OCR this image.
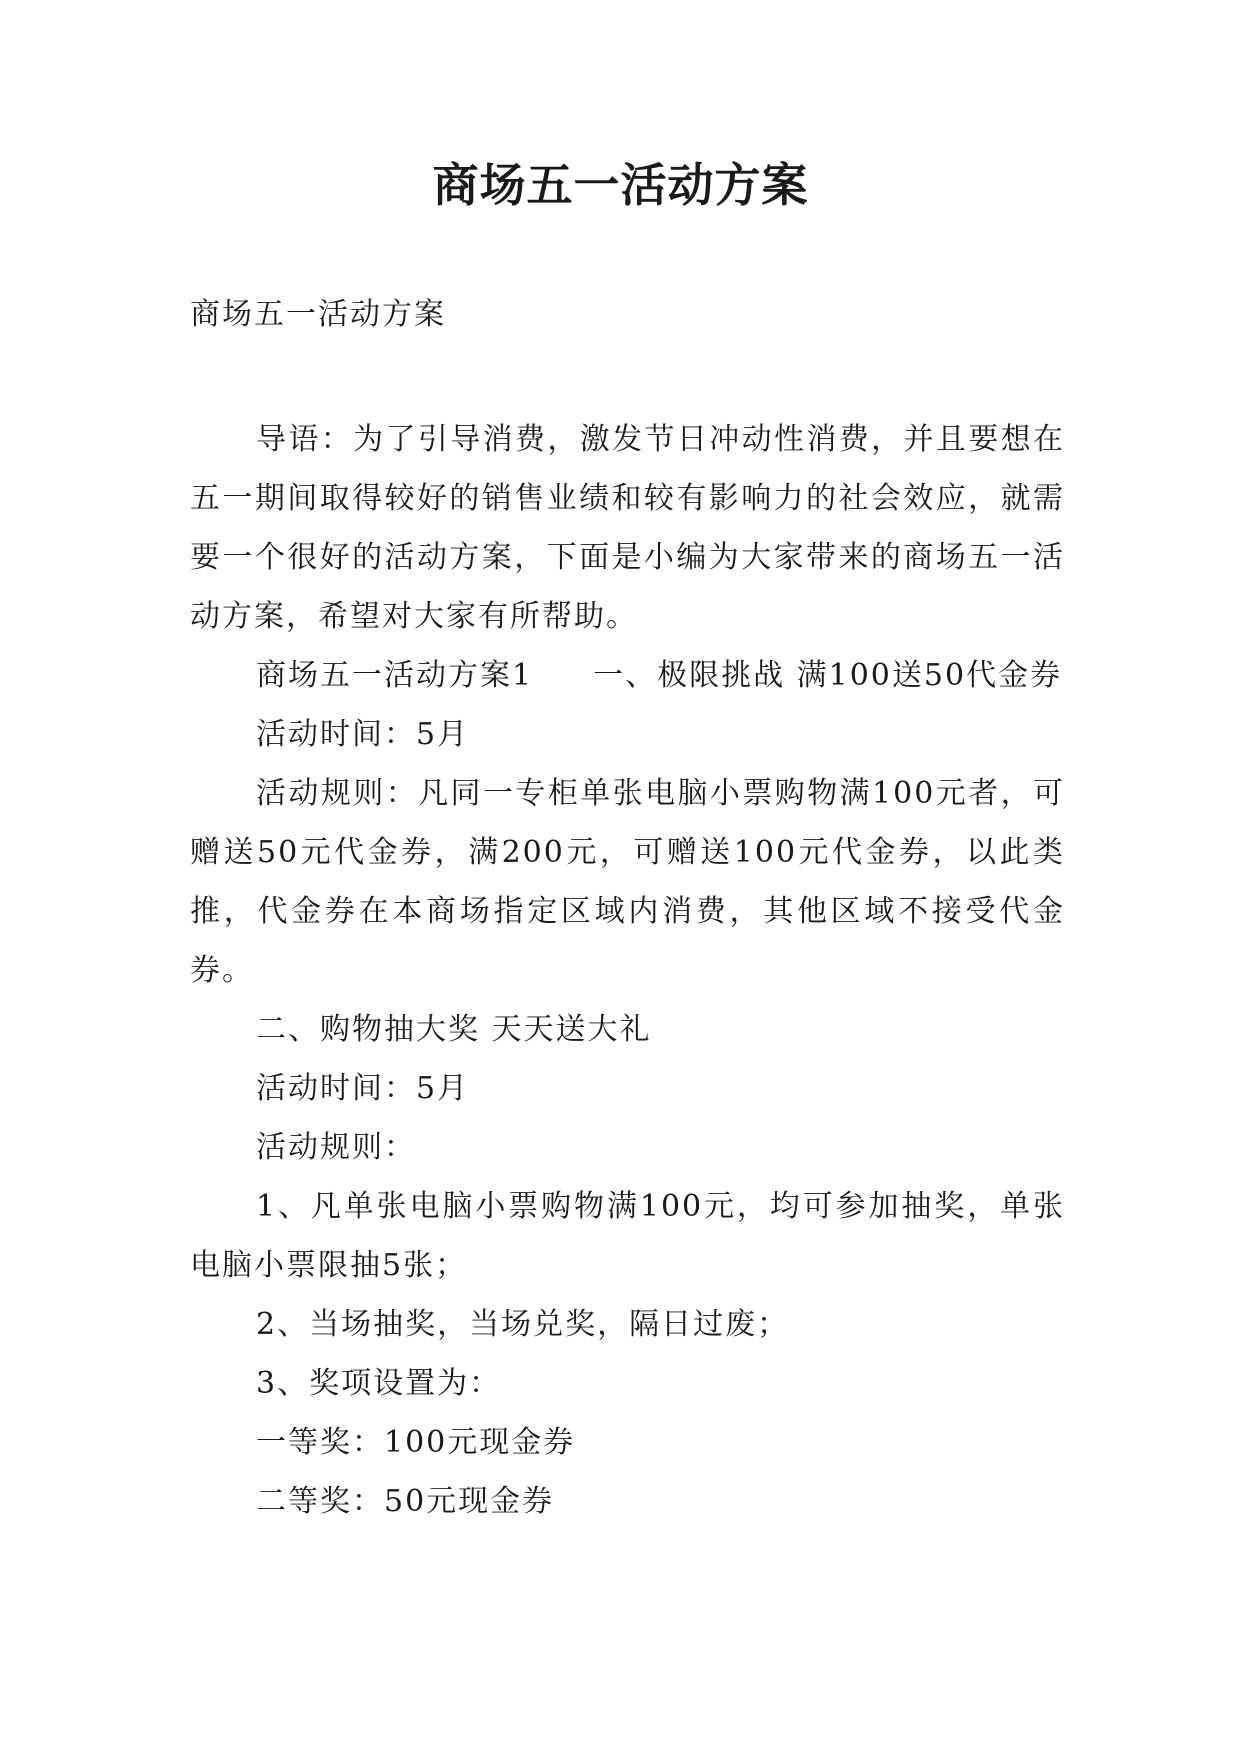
商场五一活动方案
商场五一活动方案

导语：为了引导消费，激发节日冲动性消费，并且要想在五一期间取得较好的销售业绩和较有影响力的社会效应，就需要一个很好的活动方案，下面是小编为大家带来的商场五一活动方案，希望对大家有所帮助。

商场五一活动方案1 一、极限挑战 满100送50代金券

活动时间：5月

活动规则：凡同一专柜单张电脑小票购物满100元者，可赠送50元代金券，满200元，可赠送100元代金券，以此类推，代金券在本商场指定区域内消费，其他区域不接受代金券。

二、购物抽大奖 天天送大礼

活动时间：5月

活动规则：

1、凡单张电脑小票购物满100元，均可参加抽奖，单张电脑小票限抽5张；

2、当场抽奖，当场兑奖，隔日过废；

3、奖项设置为：

一等奖：100元现金券

二等奖：50元现金券
